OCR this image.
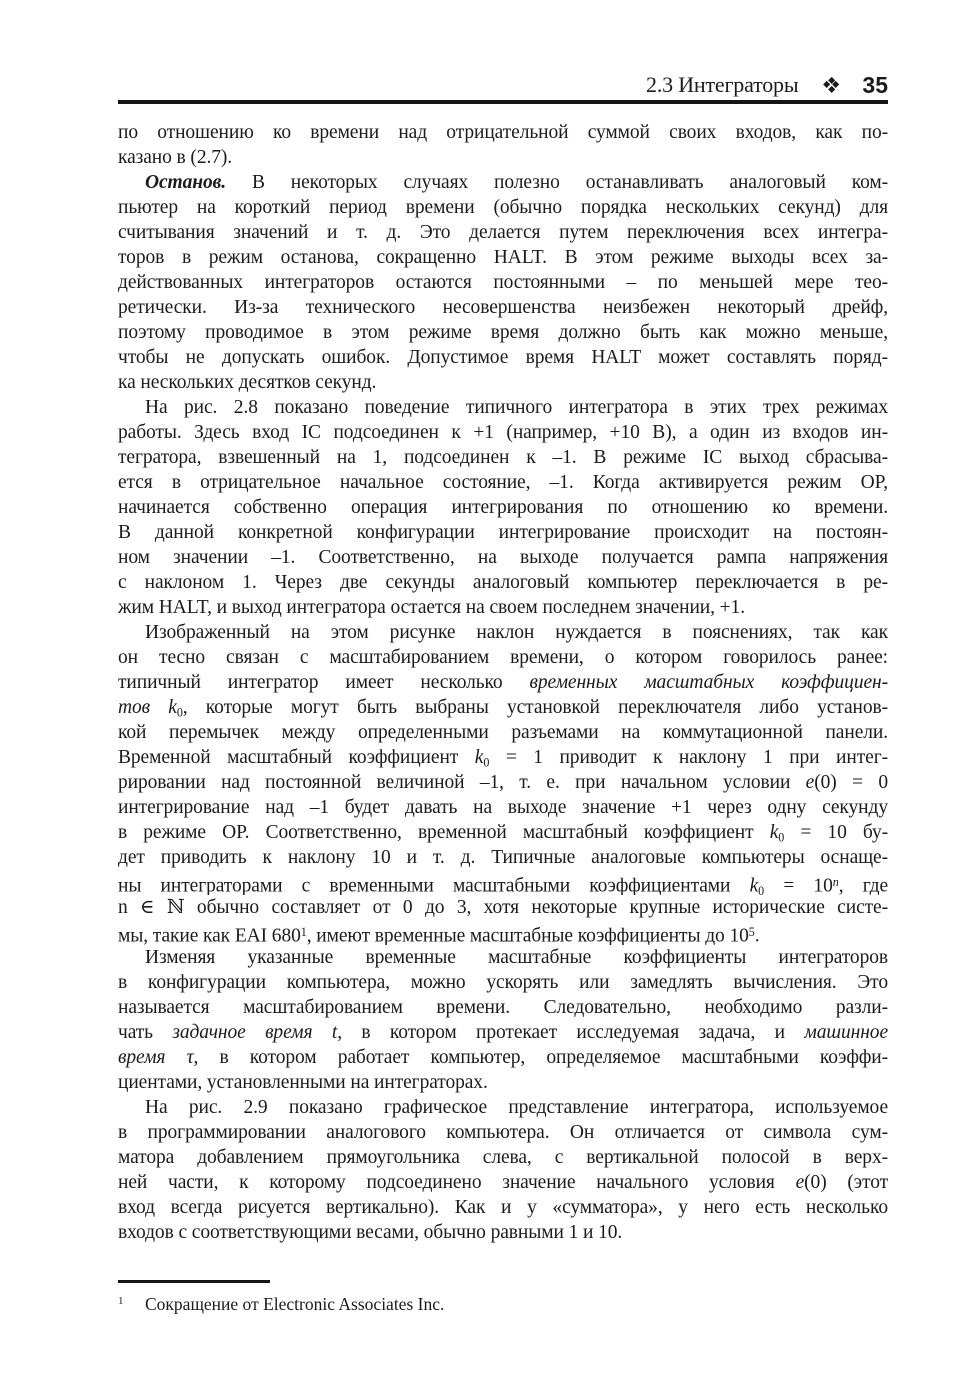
2.3 Интеграторы	35

по отношению ко времени над отрицательной суммой своих входов, как по-
казано в (2.7).

Останов. В некоторых случаях полезно останавливать аналоговый ком-
пьютер на короткий период времени (обычно порядка нескольких секунд) для
считывания значений и т. д. Это делается путем переключения всех интегра-
торов в режим останова, сокращенно HALT. В этом режиме выходы всех за-
действованных интеграторов остаются постоянными – по меньшей мере тео-
ретически. Из-за технического несовершенства неизбежен некоторый дрейф,
поэтому проводимое в этом режиме время должно быть как можно меньше,
чтобы не допускать ошибок. Допустимое время HALT может составлять поряд-
ка нескольких десятков секунд.

На рис. 2.8 показано поведение типичного интегратора в этих трех режимах
работы. Здесь вход IC подсоединен к +1 (например, +10 В), а один из входов ин-
тегратора, взвешенный на 1, подсоединен к –1. В режиме IC выход сбрасыва-
ется в отрицательное начальное состояние, –1. Когда активируется режим OP,
начинается собственно операция интегрирования по отношению ко времени.
В данной конкретной конфигурации интегрирование происходит на постоян-
ном значении –1. Соответственно, на выходе получается рампа напряжения
с наклоном 1. Через две секунды аналоговый компьютер переключается в ре-
жим HALT, и выход интегратора остается на своем последнем значении, +1.

Изображенный на этом рисунке наклон нуждается в пояснениях, так как
он тесно связан с масштабированием времени, о котором говорилось ранее:
типичный интегратор имеет несколько временных масштабных коэффициен-
тов $k_0$, которые могут быть выбраны установкой переключателя либо установ-
кой перемычек между определенными разъемами на коммутационной панели.
Временной масштабный коэффициент $k_0 = 1$ приводит к наклону 1 при интег-
рировании над постоянной величиной –1, т. е. при начальном условии e(0) = 0
интегрирование над –1 будет давать на выходе значение +1 через одну секунду
в режиме OP. Соответственно, временной масштабный коэффициент $k_0 = 10$ бу-
дет приводить к наклону 10 и т. д. Типичные аналоговые компьютеры оснаще-
ны интеграторами с временными масштабными коэффициентами $k_0 = 10^n$, где
n ∈ ℕ обычно составляет от 0 до 3, хотя некоторые крупные исторические систе-
мы, такие как EAI $680^1$, имеют временные масштабные коэффициенты до $10^5$.

Изменяя указанные временные масштабные коэффициенты интеграторов
в конфигурации компьютера, можно ускорять или замедлять вычисления. Это
называется масштабированием времени. Следовательно, необходимо разли-
чать задачное время t, в котором протекает исследуемая задача, и машинное
время τ, в котором работает компьютер, определяемое масштабными коэффи-
циентами, установленными на интеграторах.

На рис. 2.9 показано графическое представление интегратора, используемое
в программировании аналогового компьютера. Он отличается от символа сум-
матора добавлением прямоугольника слева, с вертикальной полосой в верх-
ней части, к которому подсоединено значение начального условия e(0) (этот
вход всегда рисуется вертикально). Как и у «сумматора», у него есть несколько
входов с соответствующими весами, обычно равными 1 и 10.

1 Сокращение от Electronic Associates Inc.
